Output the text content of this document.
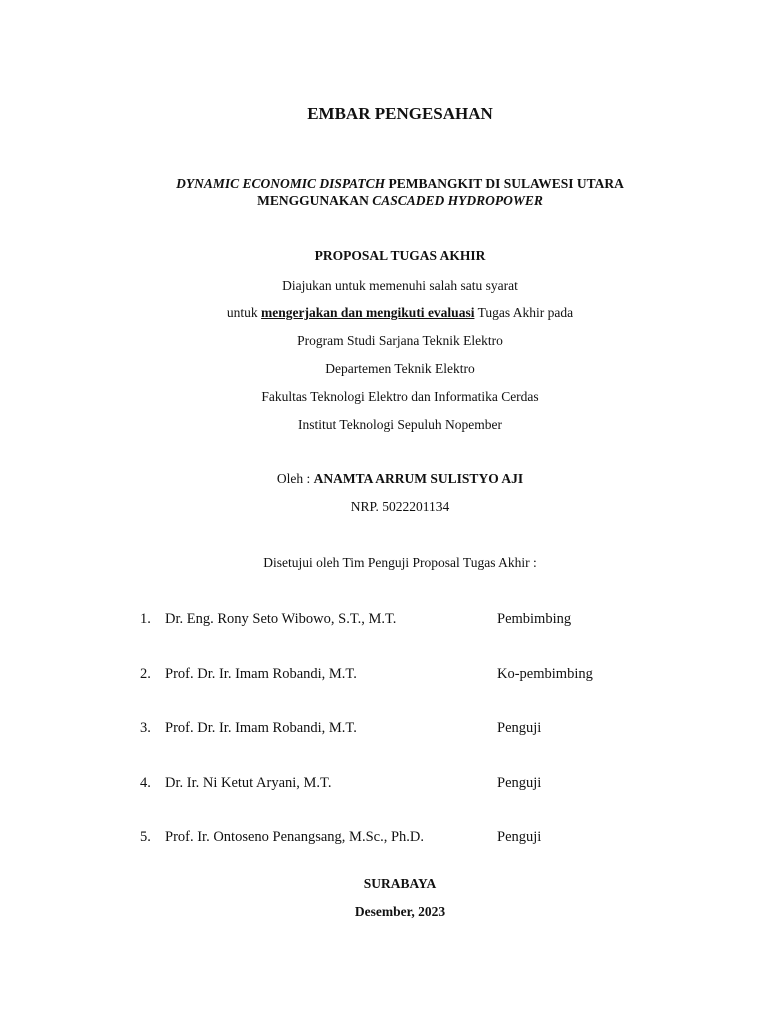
EMBAR PENGESAHAN
DYNAMIC ECONOMIC DISPATCH PEMBANGKIT DI SULAWESI UTARA
MENGGUNAKAN CASCADED HYDROPOWER
PROPOSAL TUGAS AKHIR
Diajukan untuk memenuhi salah satu syarat
untuk mengerjakan dan mengikuti evaluasi Tugas Akhir pada
Program Studi Sarjana Teknik Elektro
Departemen Teknik Elektro
Fakultas Teknologi Elektro dan Informatika Cerdas
Institut Teknologi Sepuluh Nopember
Oleh : ANAMTA ARRUM SULISTYO AJI
NRP. 5022201134
Disetujui oleh Tim Penguji Proposal Tugas Akhir :
1. Dr. Eng. Rony Seto Wibowo, S.T., M.T.	Pembimbing
2. Prof. Dr. Ir. Imam Robandi, M.T.	Ko-pembimbing
3. Prof. Dr. Ir. Imam Robandi, M.T.	Penguji
4. Dr. Ir. Ni Ketut Aryani, M.T.	Penguji
5. Prof. Ir. Ontoseno Penangsang, M.Sc., Ph.D.	Penguji
SURABAYA
Desember, 2023
